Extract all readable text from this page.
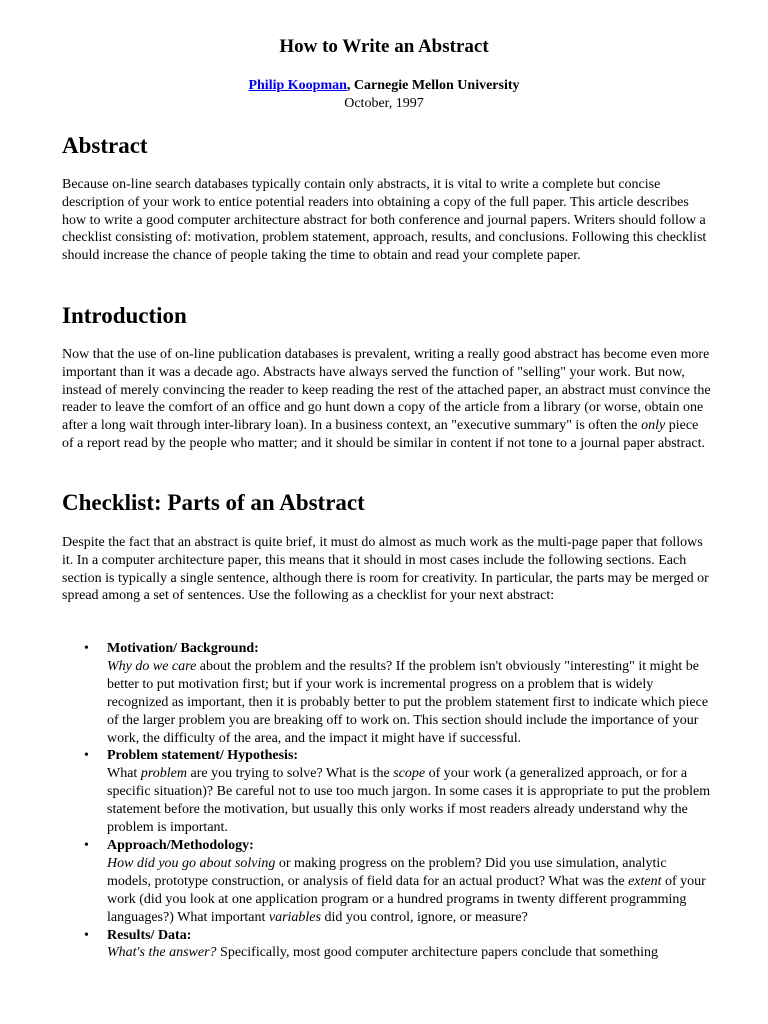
How to Write an Abstract
Philip Koopman, Carnegie Mellon University
October, 1997
Abstract

Because on-line search databases typically contain only abstracts, it is vital to write a complete but concise description of your work to entice potential readers into obtaining a copy of the full paper. This article describes how to write a good computer architecture abstract for both conference and journal papers. Writers should follow a checklist consisting of: motivation, problem statement, approach, results, and conclusions. Following this checklist should increase the chance of people taking the time to obtain and read your complete paper.

Introduction

Now that the use of on-line publication databases is prevalent, writing a really good abstract has become even more important than it was a decade ago. Abstracts have always served the function of "selling" your work. But now, instead of merely convincing the reader to keep reading the rest of the attached paper, an abstract must convince the reader to leave the comfort of an office and go hunt down a copy of the article from a library (or worse, obtain one after a long wait through inter-library loan). In a business context, an "executive summary" is often the only piece of a report read by the people who matter; and it should be similar in content if not tone to a journal paper abstract.

Checklist: Parts of an Abstract

Despite the fact that an abstract is quite brief, it must do almost as much work as the multi-page paper that follows it. In a computer architecture paper, this means that it should in most cases include the following sections. Each section is typically a single sentence, although there is room for creativity. In particular, the parts may be merged or spread among a set of sentences. Use the following as a checklist for your next abstract:

• Motivation/ Background:
Why do we care about the problem and the results? If the problem isn't obviously "interesting" it might be better to put motivation first; but if your work is incremental progress on a problem that is widely recognized as important, then it is probably better to put the problem statement first to indicate which piece of the larger problem you are breaking off to work on. This section should include the importance of your work, the difficulty of the area, and the impact it might have if successful.
• Problem statement/ Hypothesis:
What problem are you trying to solve? What is the scope of your work (a generalized approach, or for a specific situation)? Be careful not to use too much jargon. In some cases it is appropriate to put the problem statement before the motivation, but usually this only works if most readers already understand why the problem is important.
• Approach/Methodology:
How did you go about solving or making progress on the problem? Did you use simulation, analytic models, prototype construction, or analysis of field data for an actual product? What was the extent of your work (did you look at one application program or a hundred programs in twenty different programming languages?) What important variables did you control, ignore, or measure?
• Results/ Data:
What's the answer? Specifically, most good computer architecture papers conclude that something
